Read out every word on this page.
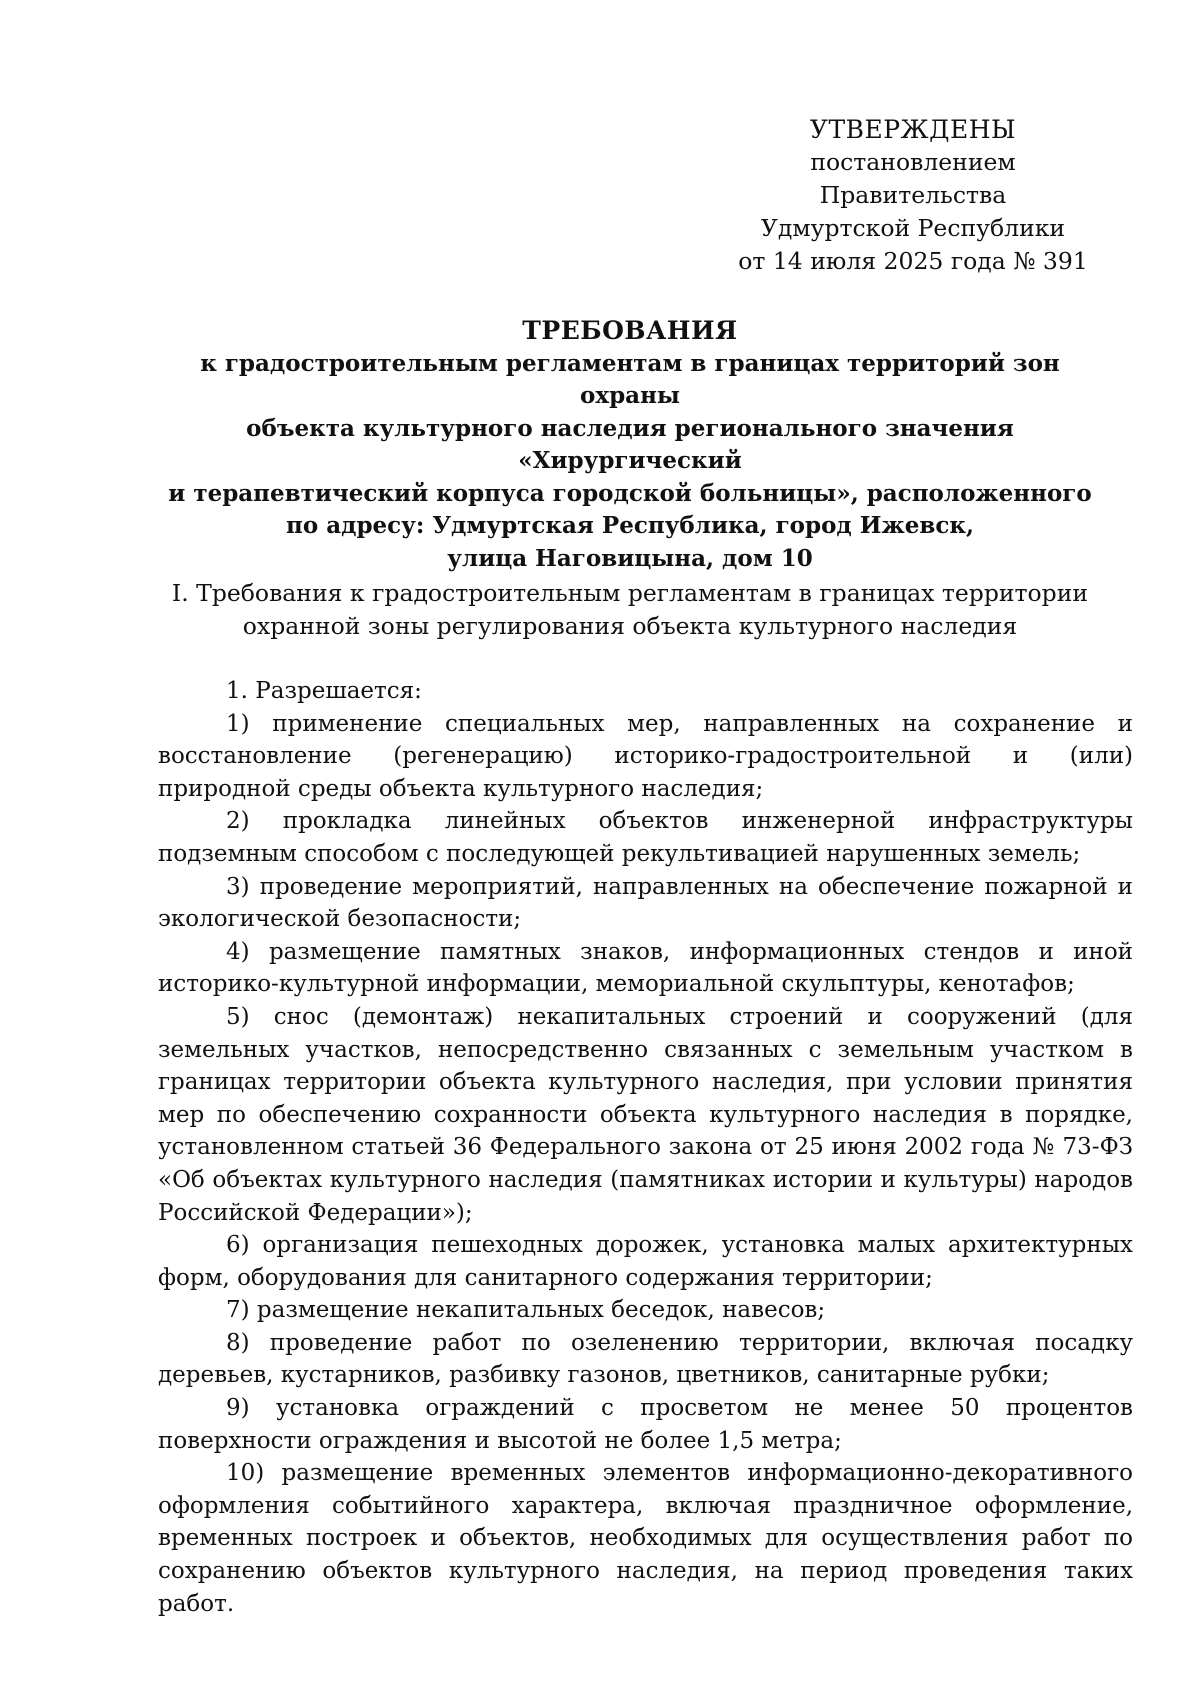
УТВЕРЖДЕНЫ
постановлением Правительства
Удмуртской Республики
от 14 июля 2025 года № 391
ТРЕБОВАНИЯ
к градостроительным регламентам в границах территорий зон охраны
объекта культурного наследия регионального значения «Хирургический
и терапевтический корпуса городской больницы», расположенного
по адресу: Удмуртская Республика, город Ижевск,
улица Наговицына, дом 10
I. Требования к градостроительным регламентам в границах территории
охранной зоны регулирования объекта культурного наследия

1. Разрешается:

1) применение специальных мер, направленных на сохранение и восстановление (регенерацию) историко-градостроительной и (или) природной среды объекта культурного наследия;

2) прокладка линейных объектов инженерной инфраструктуры подземным способом с последующей рекультивацией нарушенных земель;

3) проведение мероприятий, направленных на обеспечение пожарной и экологической безопасности;

4) размещение памятных знаков, информационных стендов и иной историко-культурной информации, мемориальной скульптуры, кенотафов;

5) снос (демонтаж) некапитальных строений и сооружений (для земельных участков, непосредственно связанных с земельным участком в границах территории объекта культурного наследия, при условии принятия мер по обеспечению сохранности объекта культурного наследия в порядке, установленном статьей 36 Федерального закона от 25 июня 2002 года № 73-ФЗ «Об объектах культурного наследия (памятниках истории и культуры) народов Российской Федерации»);

6) организация пешеходных дорожек, установка малых архитектурных форм, оборудования для санитарного содержания территории;

7) размещение некапитальных беседок, навесов;

8) проведение работ по озеленению территории, включая посадку деревьев, кустарников, разбивку газонов, цветников, санитарные рубки;

9) установка ограждений с просветом не менее 50 процентов поверхности ограждения и высотой не более 1,5 метра;

10) размещение временных элементов информационно-декоративного оформления событийного характера, включая праздничное оформление, временных построек и объектов, необходимых для осуществления работ по сохранению объектов культурного наследия, на период проведения таких работ.
